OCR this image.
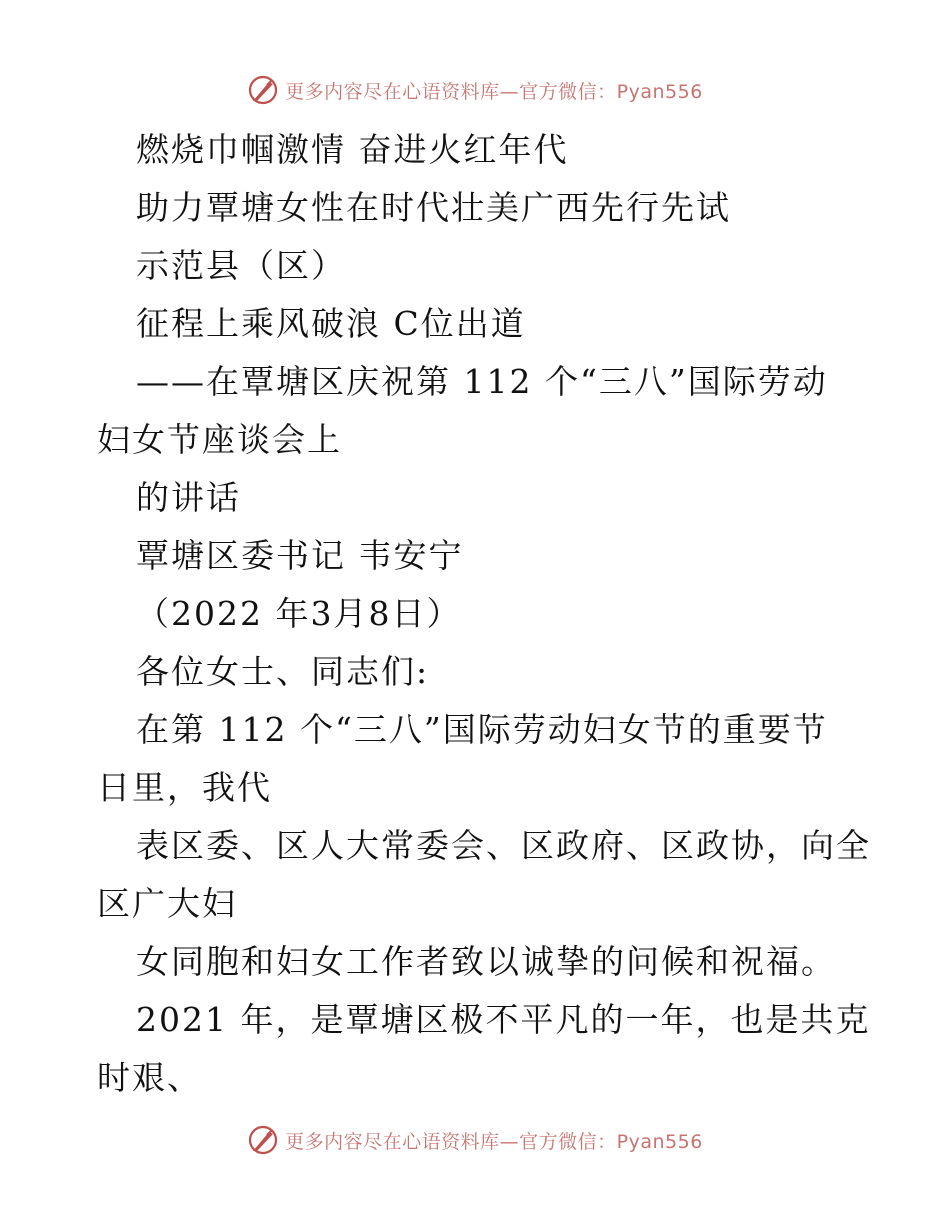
更多内容尽在心语资料库—官方微信：Pyan556
燃烧巾帼激情 奋进火红年代
助力覃塘女性在时代壮美广西先行先试
示范县（区）
征程上乘风破浪 C位出道
——在覃塘区庆祝第 112 个“三八”国际劳动
妇女节座谈会上
的讲话
覃塘区委书记 韦安宁
（2022 年3月8日）
各位女士、同志们:
在第 112 个“三八”国际劳动妇女节的重要节
日里，我代
表区委、区人大常委会、区政府、区政协，向全
区广大妇
女同胞和妇女工作者致以诚挚的问候和祝福。
2021 年，是覃塘区极不平凡的一年，也是共克
时艰、
更多内容尽在心语资料库—官方微信：Pyan556
